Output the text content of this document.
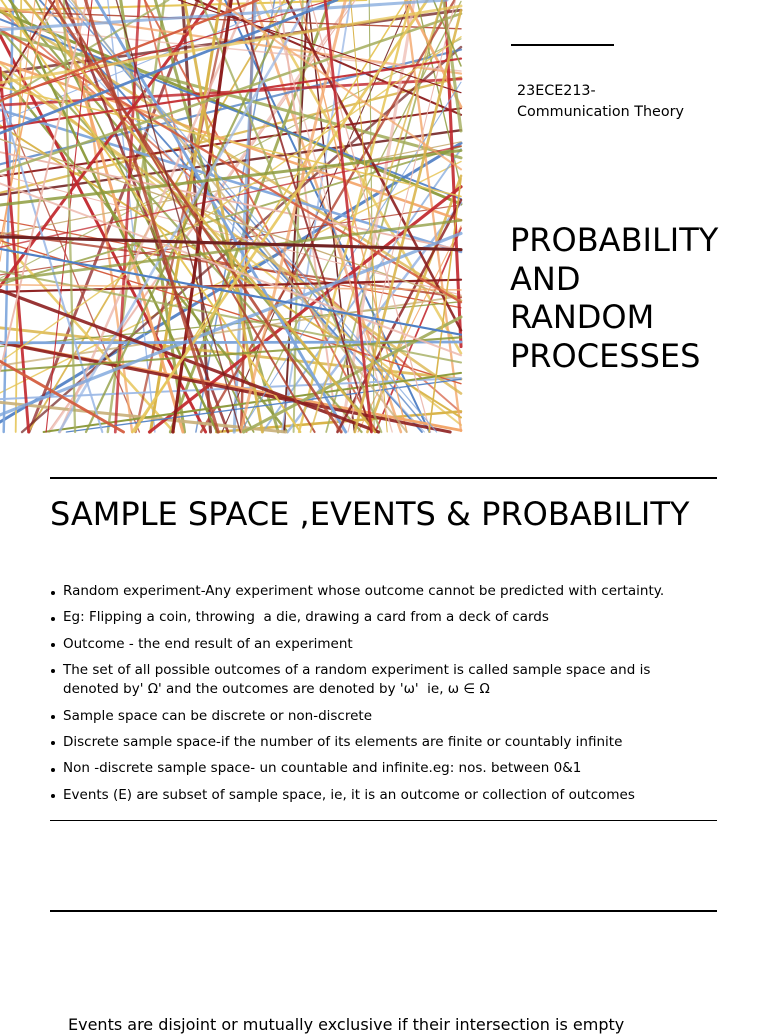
23ECE213-
Communication Theory
PROBABILITY
AND
RANDOM
PROCESSES
SAMPLE SPACE ,EVENTS & PROBABILITY
Random experiment-Any experiment whose outcome cannot be predicted with certainty.
Eg: Flipping a coin, throwing  a die, drawing a card from a deck of cards
Outcome - the end result of an experiment
The set of all possible outcomes of a random experiment is called sample space and is denoted by' Ω' and the outcomes are denoted by 'ω'  ie, ω ∈ Ω
Sample space can be discrete or non-discrete
Discrete sample space-if the number of its elements are finite or countably infinite
Non -discrete sample space- un countable and infinite.eg: nos. between 0&1
Events (E) are subset of sample space, ie, it is an outcome or collection of outcomes
Events are disjoint or mutually exclusive if their intersection is empty
